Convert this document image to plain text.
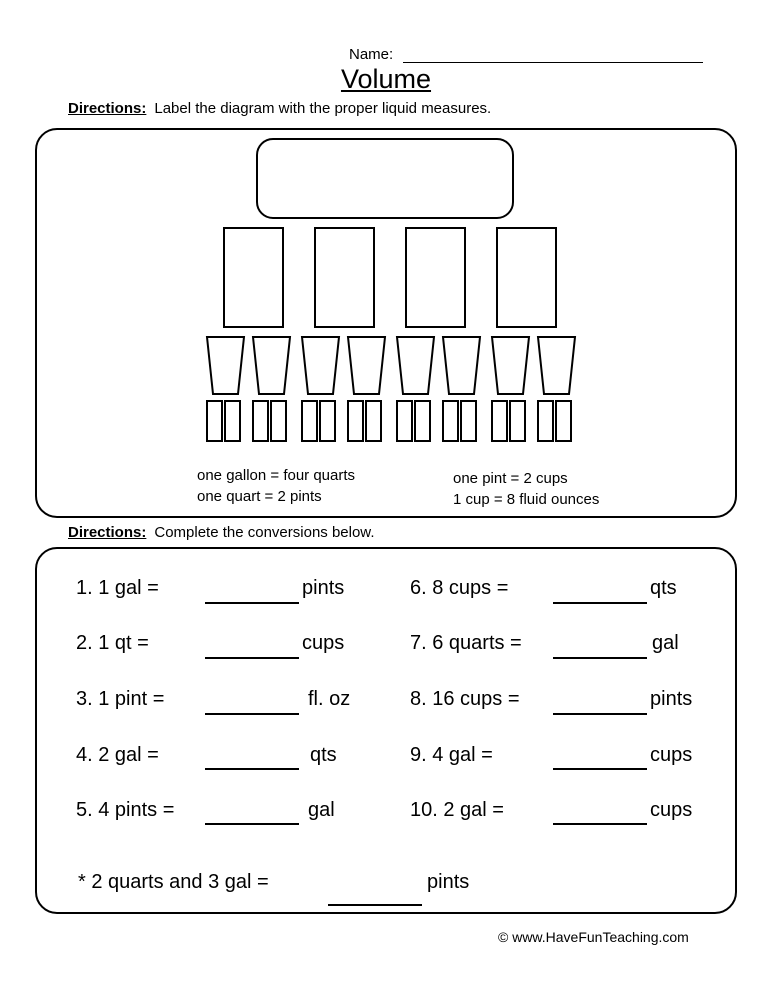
Name:
Volume
Directions: Label the diagram with the proper liquid measures.
one gallon = four quarts
one quart = 2 pints
one pint = 2 cups
1 cup = 8 fluid ounces
Directions: Complete the conversions below.
1. 1 gal =	pints
2. 1 qt =	cups
3. 1 pint =	fl. oz
4. 2 gal =	qts
5. 4 pints =	gal
6. 8 cups =	qts
7. 6 quarts =	gal
8. 16 cups =	pints
9. 4 gal =	cups
10. 2 gal =	cups
* 2 quarts and 3 gal =	pints
© www.HaveFunTeaching.com
